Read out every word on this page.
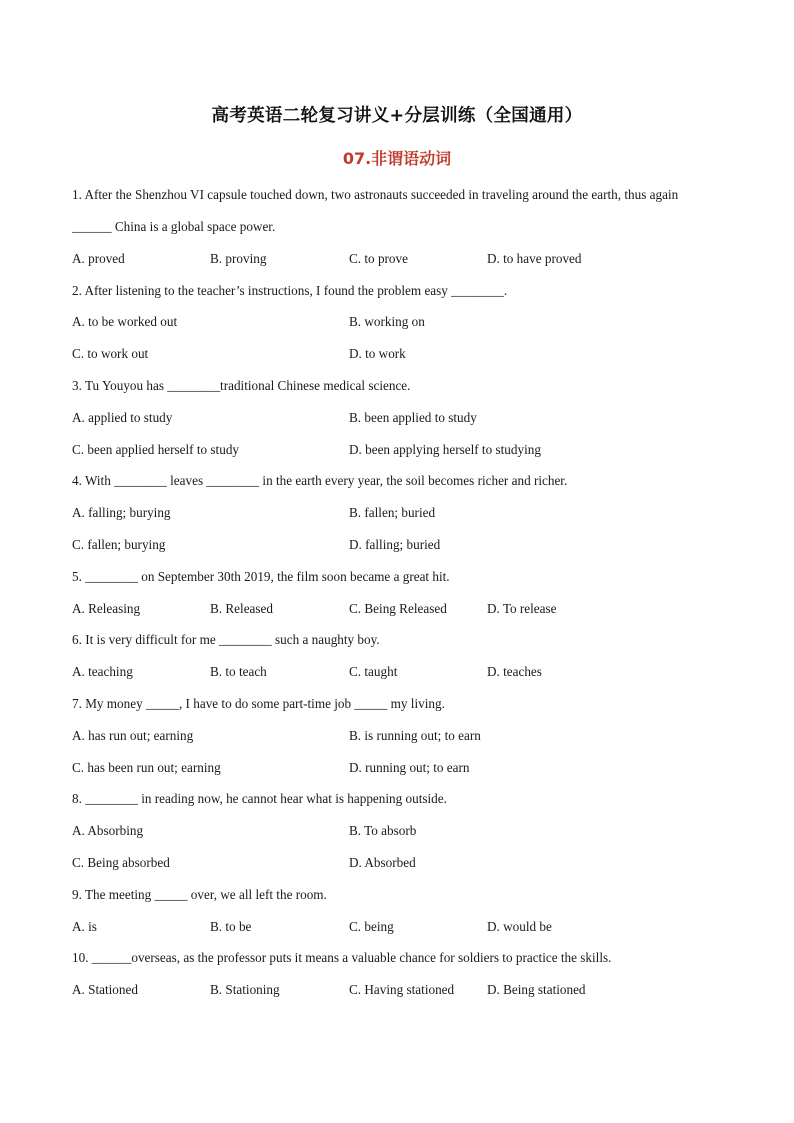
高考英语二轮复习讲义+分层训练（全国通用）
07.非谓语动词
1. After the Shenzhou VI capsule touched down, two astronauts succeeded in traveling around the earth, thus again
______ China is a global space power.
A. proved	B. proving	C. to prove	D. to have proved
2. After listening to the teacher’s instructions, I found the problem easy ________.
A. to be worked out	B. working on
C. to work out	D. to work
3. Tu Youyou has ________traditional Chinese medical science.
A. applied to study	B. been applied to study
C. been applied herself to study	D. been applying herself to studying
4. With ________ leaves ________ in the earth every year, the soil becomes richer and richer.
A. falling; burying	B. fallen; buried
C. fallen; burying	D. falling; buried
5. ________ on September 30th 2019, the film soon became a great hit.
A. Releasing	B. Released	C. Being Released	D. To release
6. It is very difficult for me ________ such a naughty boy.
A. teaching	B. to teach	C. taught	D. teaches
7. My money _____, I have to do some part-time job _____ my living.
A. has run out; earning	B. is running out; to earn
C. has been run out; earning	D. running out; to earn
8. ________ in reading now, he cannot hear what is happening outside.
A. Absorbing	B. To absorb
C. Being absorbed	D. Absorbed
9. The meeting _____ over, we all left the room.
A. is	B. to be	C. being	D. would be
10. ______overseas, as the professor puts it means a valuable chance for soldiers to practice the skills.
A. Stationed	B. Stationing	C. Having stationed D. Being stationed
